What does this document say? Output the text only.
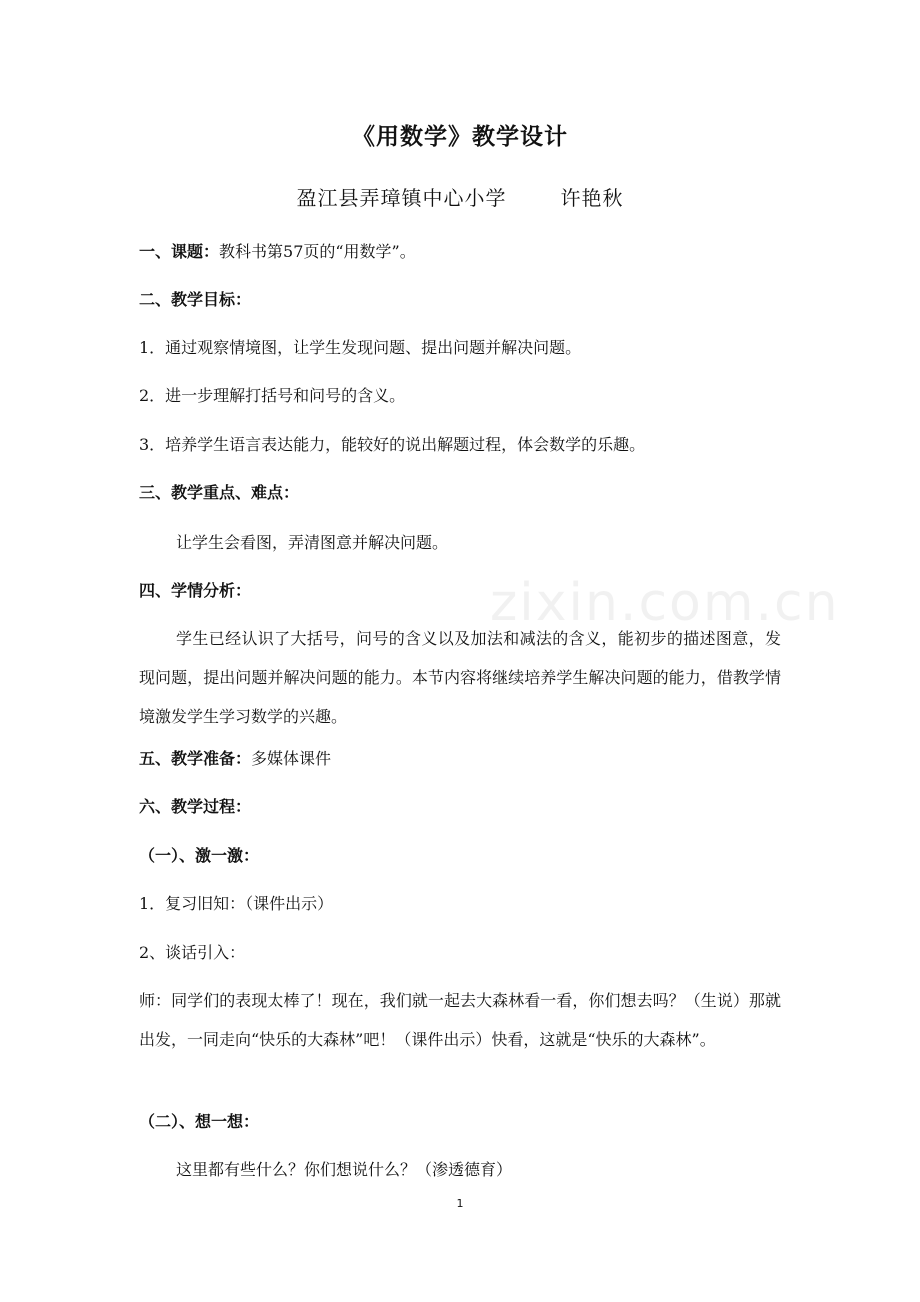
zixin.com.cn
《用数学》教学设计
盈江县弄璋镇中心小学	许艳秋
一、课题：教科书第57页的“用数学”。
二、教学目标：
1．通过观察情境图，让学生发现问题、提出问题并解决问题。
2．进一步理解打括号和问号的含义。
3．培养学生语言表达能力，能较好的说出解题过程，体会数学的乐趣。
三、教学重点、难点：
让学生会看图，弄清图意并解决问题。
四、学情分析：
学生已经认识了大括号，问号的含义以及加法和减法的含义，能初步的描述图意，发现问题，提出问题并解决问题的能力。本节内容将继续培养学生解决问题的能力，借教学情境激发学生学习数学的兴趣。
五、教学准备：多媒体课件
六、教学过程：
（一）、激一激：
1．复习旧知：（课件出示）
2、谈话引入：
师：同学们的表现太棒了！现在，我们就一起去大森林看一看，你们想去吗？（生说）那就出发，一同走向“快乐的大森林”吧！（课件出示）快看，这就是“快乐的大森林”。
（二）、想一想：
这里都有些什么？你们想说什么？（渗透德育）
1
